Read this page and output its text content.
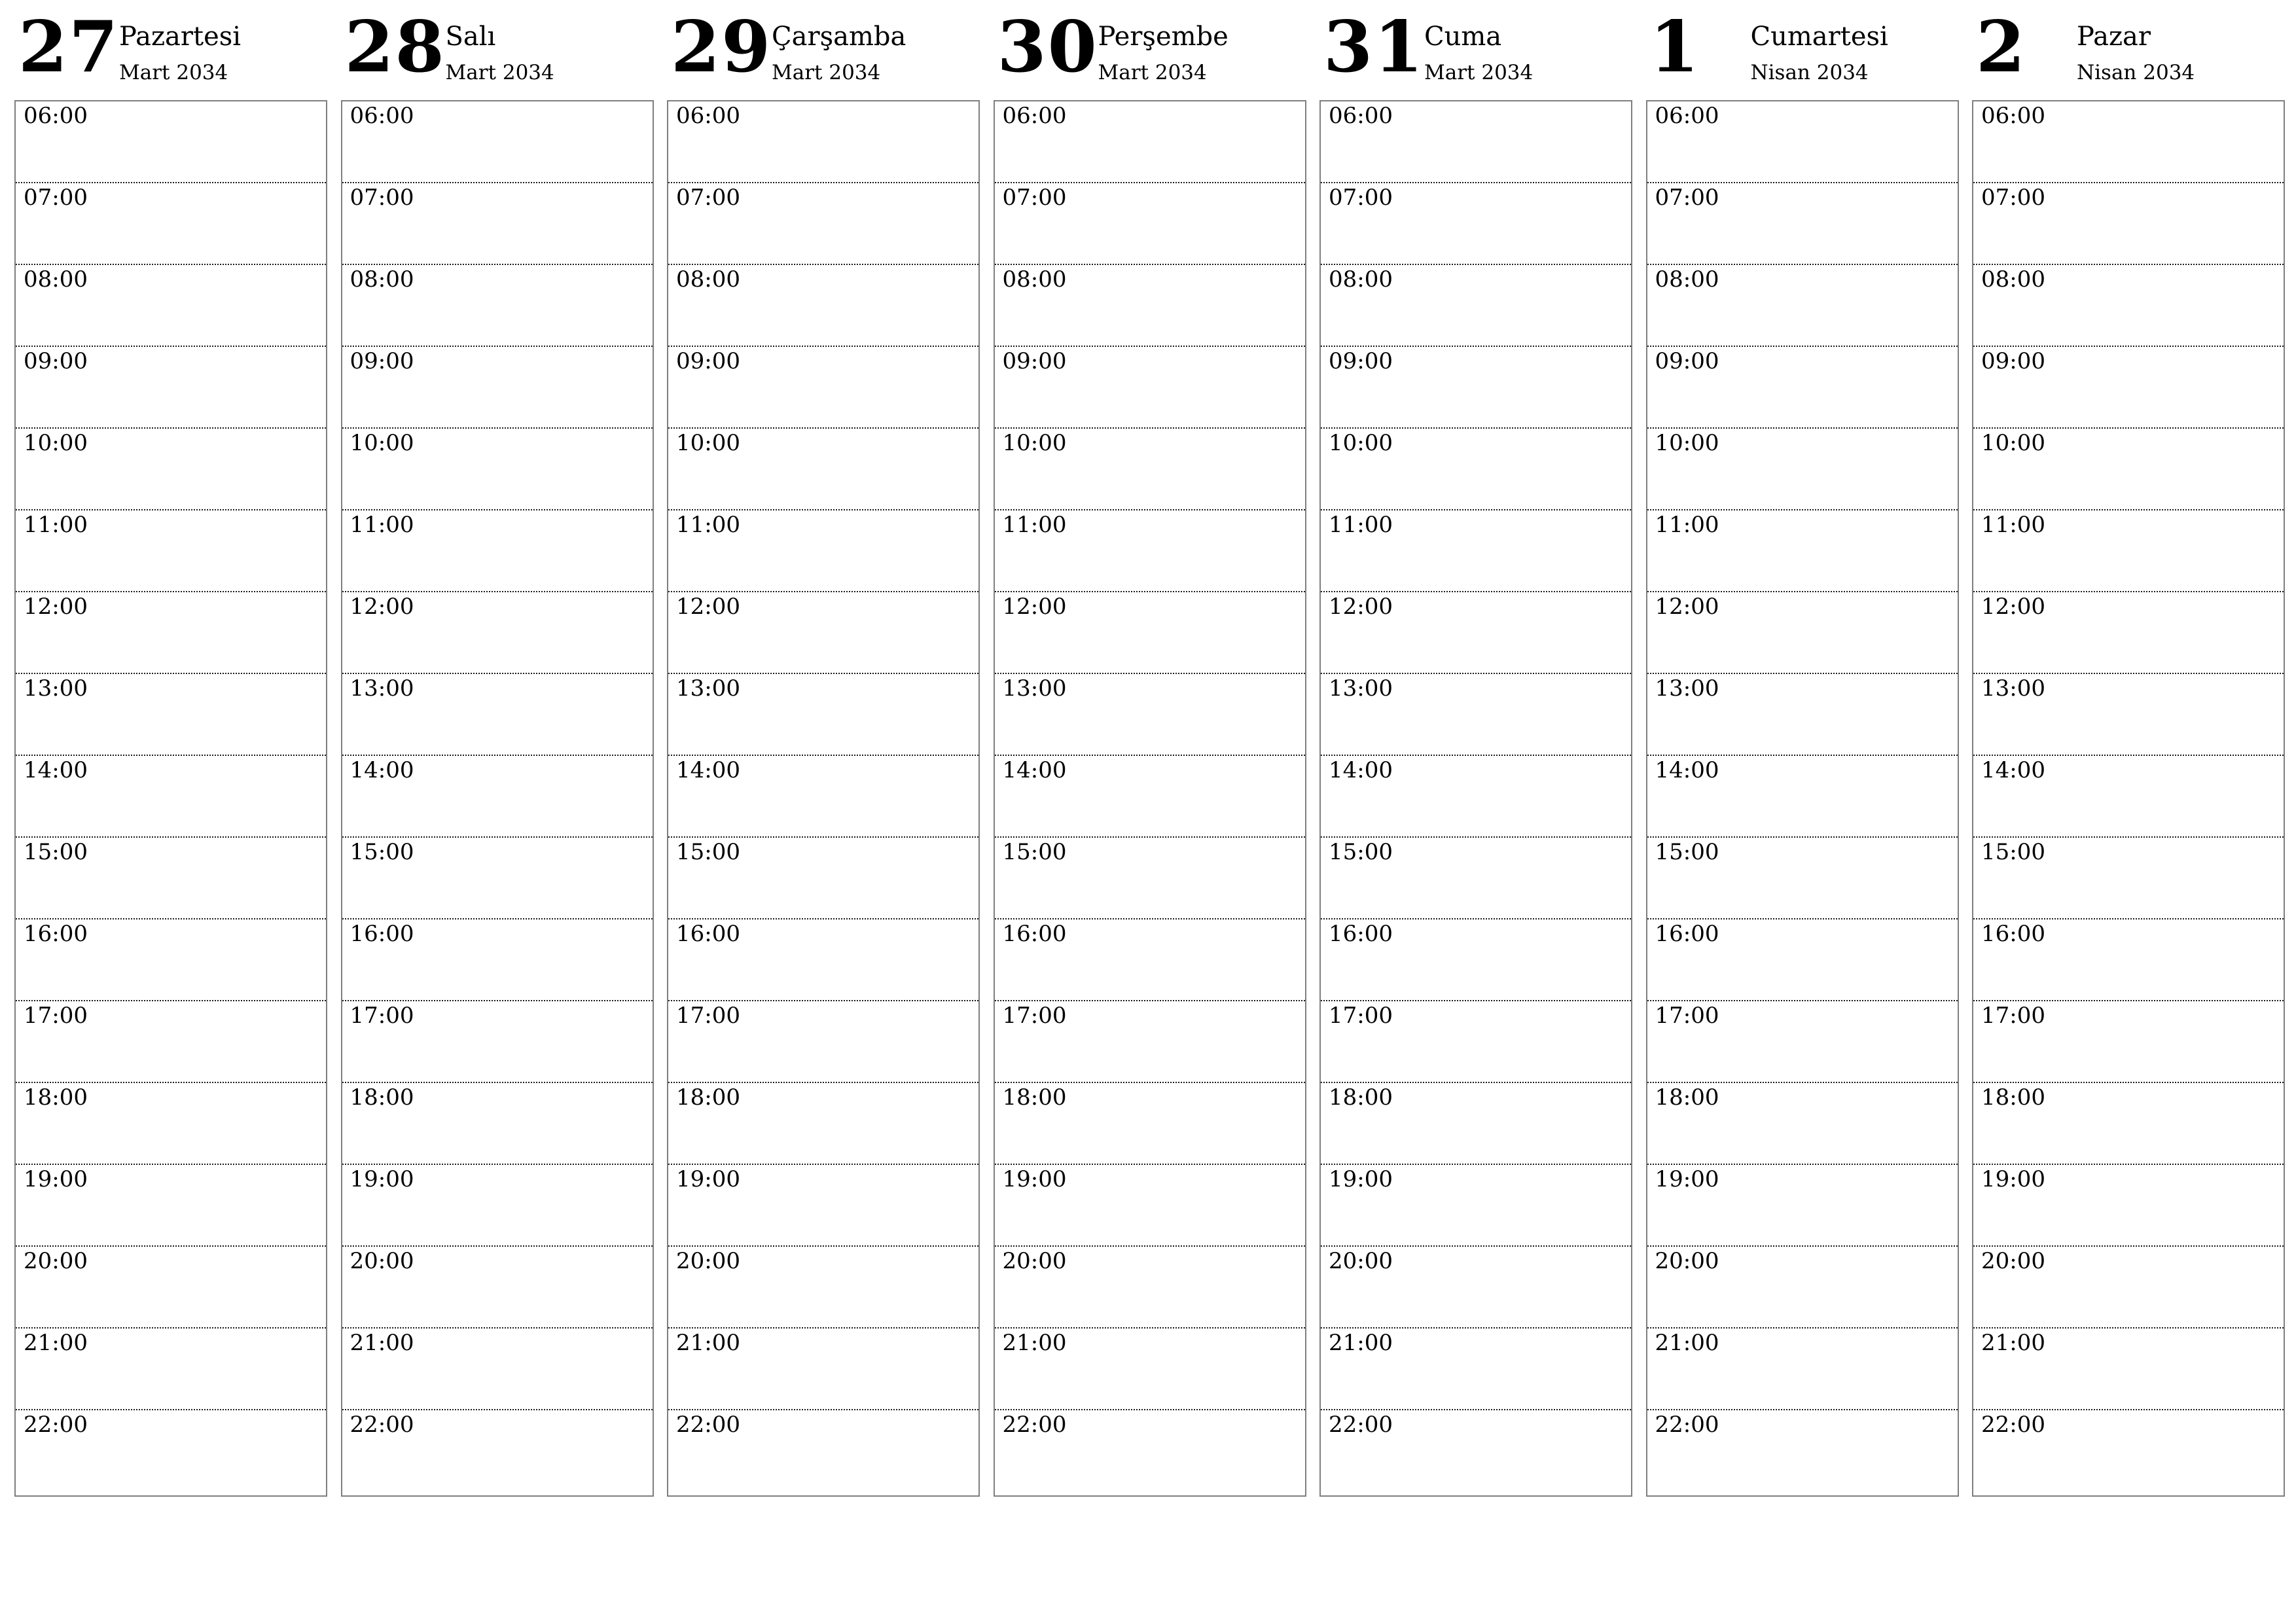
27 Pazartesi
Mart 2034
06:00
07:00
08:00
09:00
10:00
11:00
12:00
13:00
14:00
15:00
16:00
17:00
18:00
19:00
20:00
21:00
22:00
28 Salı
Mart 2034
06:00
07:00
08:00
09:00
10:00
11:00
12:00
13:00
14:00
15:00
16:00
17:00
18:00
19:00
20:00
21:00
22:00
29 Çarşamba
Mart 2034
06:00
07:00
08:00
09:00
10:00
11:00
12:00
13:00
14:00
15:00
16:00
17:00
18:00
19:00
20:00
21:00
22:00
30 Perşembe
Mart 2034
06:00
07:00
08:00
09:00
10:00
11:00
12:00
13:00
14:00
15:00
16:00
17:00
18:00
19:00
20:00
21:00
22:00
31 Cuma
Mart 2034
06:00
07:00
08:00
09:00
10:00
11:00
12:00
13:00
14:00
15:00
16:00
17:00
18:00
19:00
20:00
21:00
22:00
1 Cumartesi
Nisan 2034
06:00
07:00
08:00
09:00
10:00
11:00
12:00
13:00
14:00
15:00
16:00
17:00
18:00
19:00
20:00
21:00
22:00
2 Pazar
Nisan 2034
06:00
07:00
08:00
09:00
10:00
11:00
12:00
13:00
14:00
15:00
16:00
17:00
18:00
19:00
20:00
21:00
22:00
